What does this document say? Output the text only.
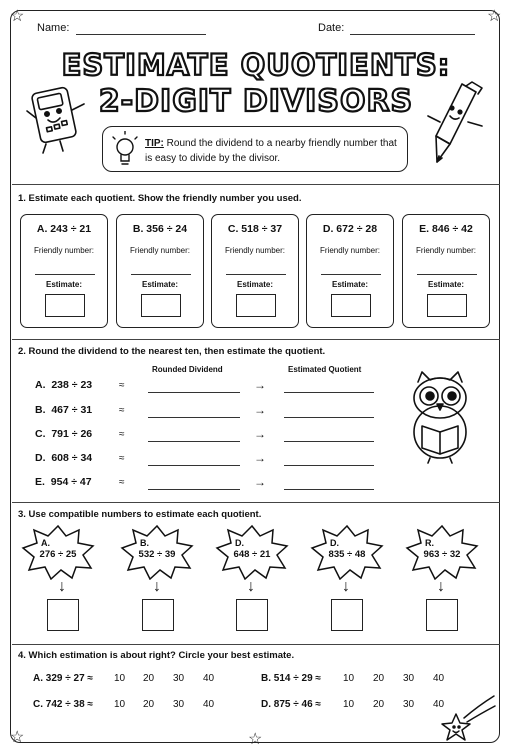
☆	☆
☆	☆
Name:	Date:
ESTIMATE QUOTIENTS:
2-DIGIT DIVISORS
TIP: Round the dividend to a nearby friendly number that is easy to divide by the divisor.
1. Estimate each quotient. Show the friendly number you used.
A. 243 ÷ 21
Friendly number:
Estimate:
B. 356 ÷ 24
Friendly number:
Estimate:
C. 518 ÷ 37
Friendly number:
Estimate:
D. 672 ÷ 28
Friendly number:
Estimate:
E. 846 ÷ 42
Friendly number:
Estimate:
2. Round the dividend to the nearest ten, then estimate the quotient.
Rounded Dividend	Estimated Quotient
A. 238 ÷ 23	≈	→
B. 467 ÷ 31	≈	→
C. 791 ÷ 26	≈	→
D. 608 ÷ 34	≈	→
E. 954 ÷ 47	≈	→
3. Use compatible numbers to estimate each quotient.
A.
276 ÷ 25
B.
532 ÷ 39
D.
648 ÷ 21
D.
835 ÷ 48
R.
963 ÷ 32
↓	↓	↓	↓	↓
4. Which estimation is about right? Circle your best estimate.
A. 329 ÷ 27 ≈ 10 20 30 40	B. 514 ÷ 29 ≈ 10 20 30 40
C. 742 ÷ 38 ≈ 10 20 30 40	D. 875 ÷ 46 ≈ 10 20 30 40
